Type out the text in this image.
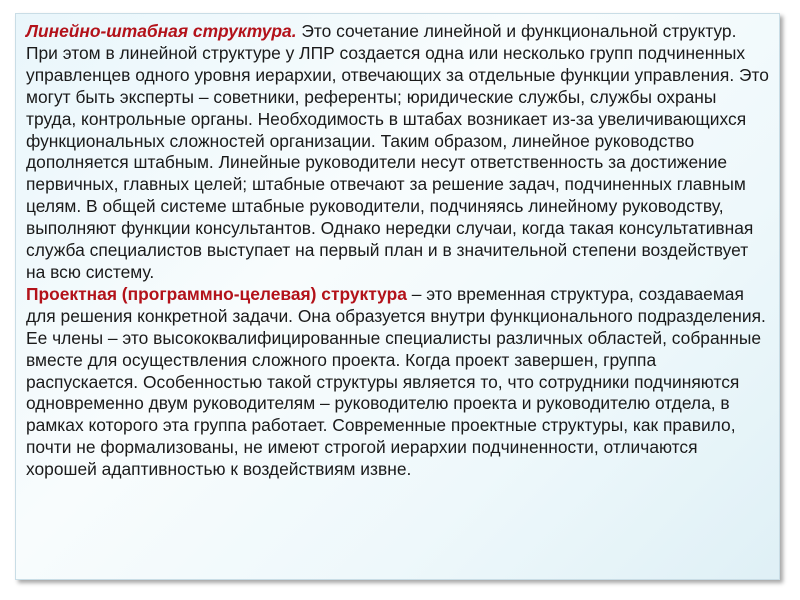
Линейно-штабная структура. Это сочетание линейной и функциональной структур. При этом в линейной структуре у ЛПР создается одна или несколько групп подчиненных управленцев одного уровня иерархии, отвечающих за отдельные функции управления. Это могут быть эксперты – советники, референты; юридические службы, службы охраны труда, контрольные органы. Необходимость в штабах возникает из-за увеличивающихся функциональных сложностей организации. Таким образом, линейное руководство дополняется штабным. Линейные руководители несут ответственность за достижение первичных, главных целей; штабные отвечают за решение задач, подчиненных главным целям. В общей системе штабные руководители, подчиняясь линейному руководству, выполняют функции консультантов. Однако нередки случаи, когда такая консультативная служба специалистов выступает на первый план и в значительной степени воздействует на всю систему.

Проектная (программно-целевая) структура – это временная структура, создаваемая для решения конкретной задачи. Она образуется внутри функционального подразделения. Ее члены – это высококвалифицированные специалисты различных областей, собранные вместе для осуществления сложного проекта. Когда проект завершен, группа распускается. Особенностью такой структуры является то, что сотрудники подчиняются одновременно двум руководителям – руководителю проекта и руководителю отдела, в рамках которого эта группа работает. Современные проектные структуры, как правило, почти не формализованы, не имеют строгой иерархии подчиненности, отличаются хорошей адаптивностью к воздействиям извне.
